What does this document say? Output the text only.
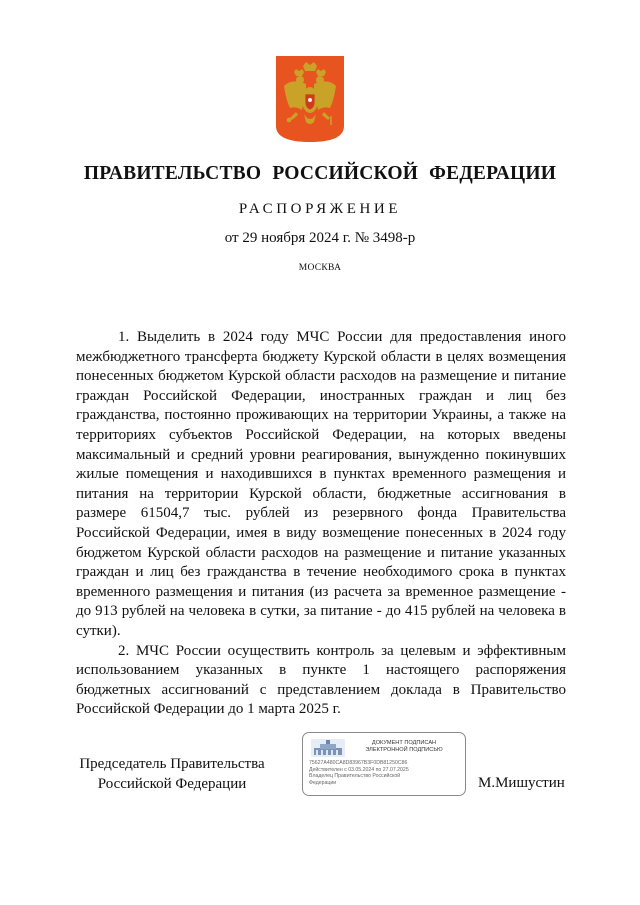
ПРАВИТЕЛЬСТВО РОССИЙСКОЙ ФЕДЕРАЦИИ
РАСПОРЯЖЕНИЕ
от 29 ноября 2024 г. № 3498-р
МОСКВА

1. Выделить в 2024 году МЧС России для предоставления иного межбюджетного трансферта бюджету Курской области в целях возмещения понесенных бюджетом Курской области расходов на размещение и питание граждан Российской Федерации, иностранных граждан и лиц без гражданства, постоянно проживающих на территории Украины, а также на территориях субъектов Российской Федерации, на которых введены максимальный и средний уровни реагирования, вынужденно покинувших жилые помещения и находившихся в пунктах временного размещения и питания на территории Курской области, бюджетные ассигнования в размере 61504,7 тыс. рублей из резервного фонда Правительства Российской Федерации, имея в виду возмещение понесенных в 2024 году бюджетом Курской области расходов на размещение и питание указанных граждан и лиц без гражданства в течение необходимого срока в пунктах временного размещения и питания (из расчета за временное размещение - до 913 рублей на человека в сутки, за питание - до 415 рублей на человека в сутки).

2. МЧС России осуществить контроль за целевым и эффективным использованием указанных в пункте 1 настоящего распоряжения бюджетных ассигнований с представлением доклада в Правительство Российской Федерации до 1 марта 2025 г.

Председатель Правительства
Российской Федерации
ДОКУМЕНТ ПОДПИСАН
ЭЛЕКТРОННОЙ ПОДПИСЬЮ
75627A480CA8D83967B3F0DB81250C86
Действителен с 03.05.2024 по 27.07.2025
Владелец Правительство Российской
Федерации	М.Мишустин
